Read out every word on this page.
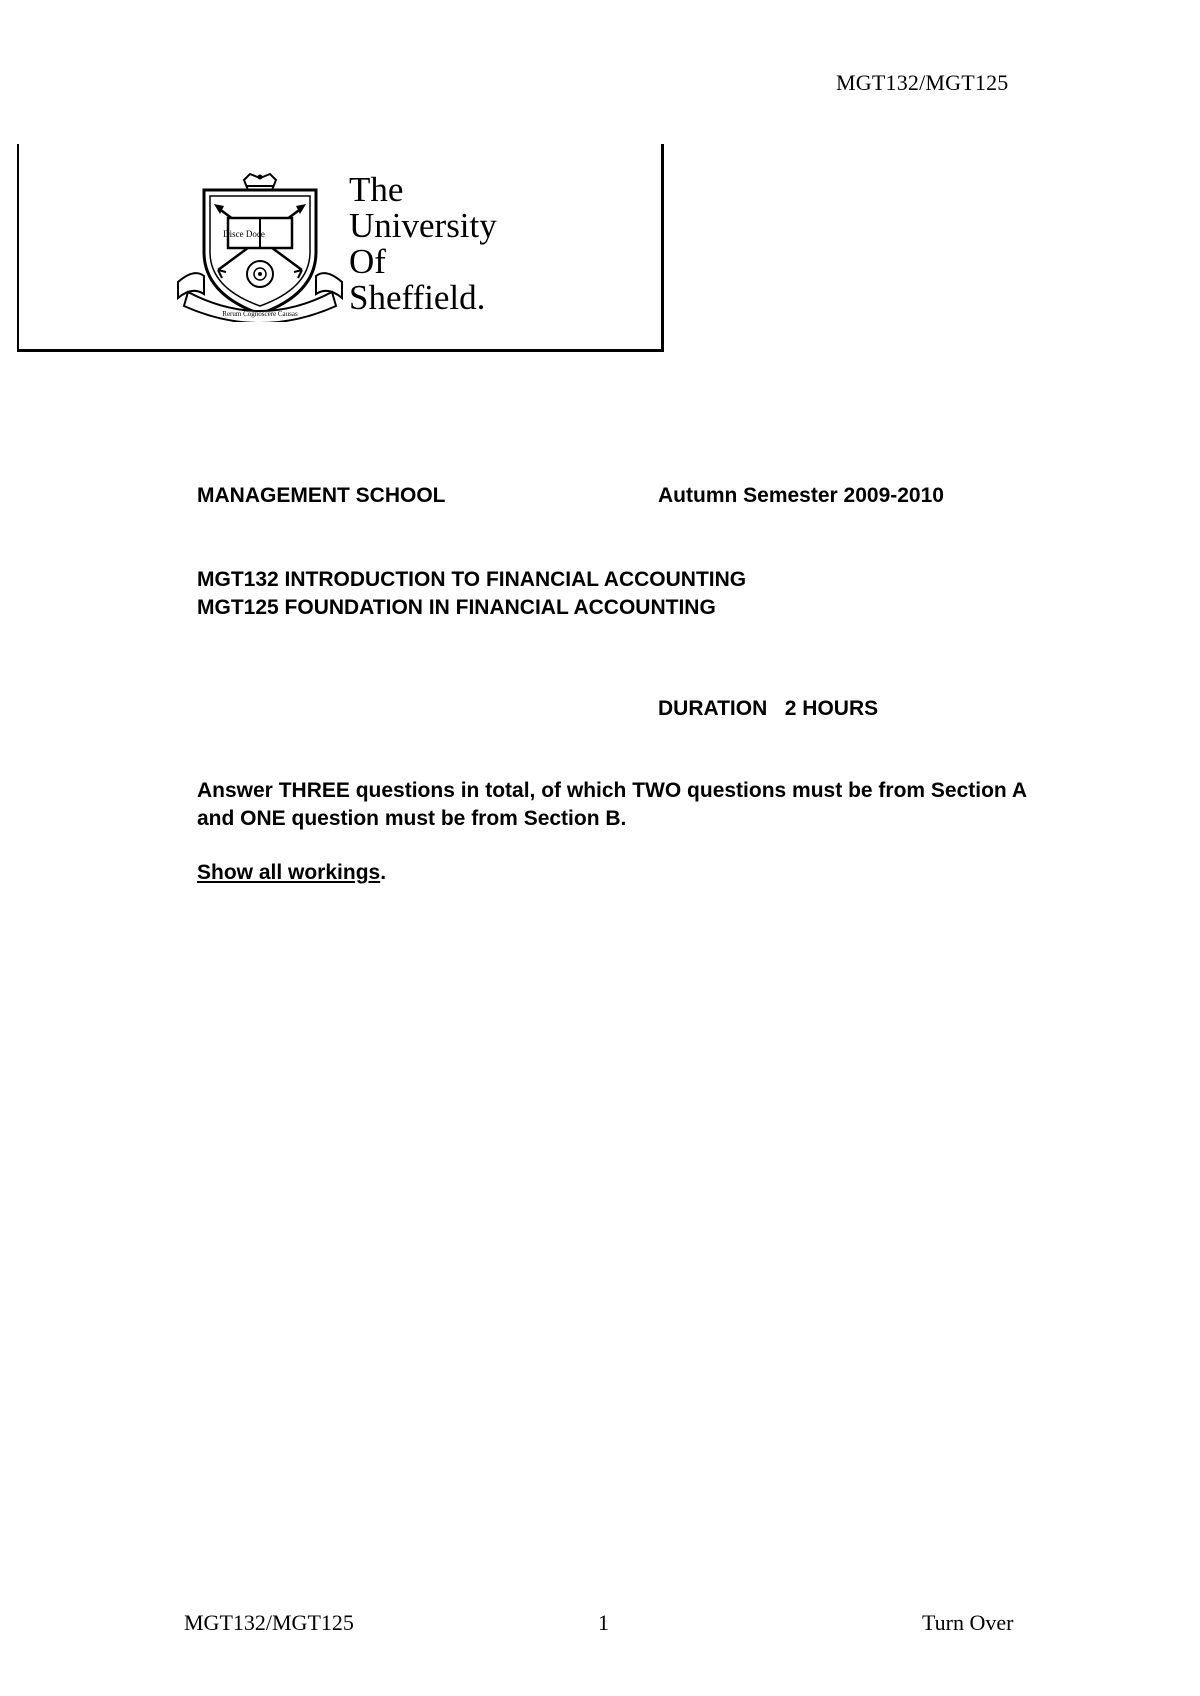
MGT132/MGT125
Disce Doce
Rerum Cognoscere Causas
The
University
Of
Sheffield.
MANAGEMENT SCHOOL	Autumn Semester 2009-2010
MGT132 INTRODUCTION TO FINANCIAL ACCOUNTING
MGT125 FOUNDATION IN FINANCIAL ACCOUNTING
DURATION   2 HOURS
Answer THREE questions in total, of which TWO questions must be from Section A and ONE question must be from Section B.
Show all workings.
MGT132/MGT125	1	Turn Over
